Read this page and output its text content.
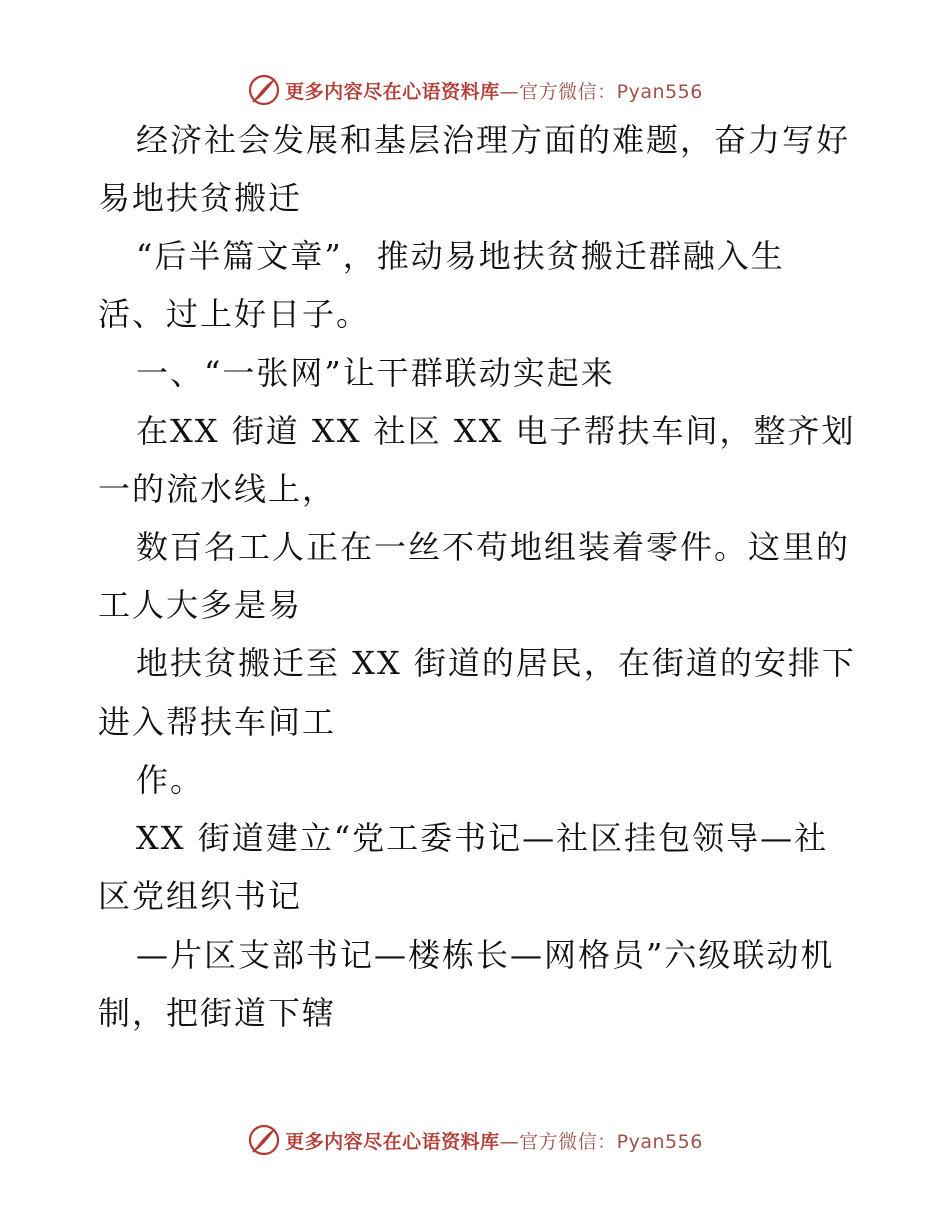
更多内容尽在心语资料库—官方微信：Pyan556
经济社会发展和基层治理方面的难题，奋力写好
易地扶贫搬迁
“后半篇文章”，推动易地扶贫搬迁群融入生
活、过上好日子。
一、“一张网”让干群联动实起来
在XX 街道 XX 社区 XX 电子帮扶车间，整齐划
一的流水线上，
数百名工人正在一丝不苟地组装着零件。这里的
工人大多是易
地扶贫搬迁至 XX 街道的居民，在街道的安排下
进入帮扶车间工
作。
XX 街道建立“党工委书记—社区挂包领导—社
区党组织书记
—片区支部书记—楼栋长—网格员”六级联动机
制，把街道下辖
更多内容尽在心语资料库—官方微信：Pyan556
